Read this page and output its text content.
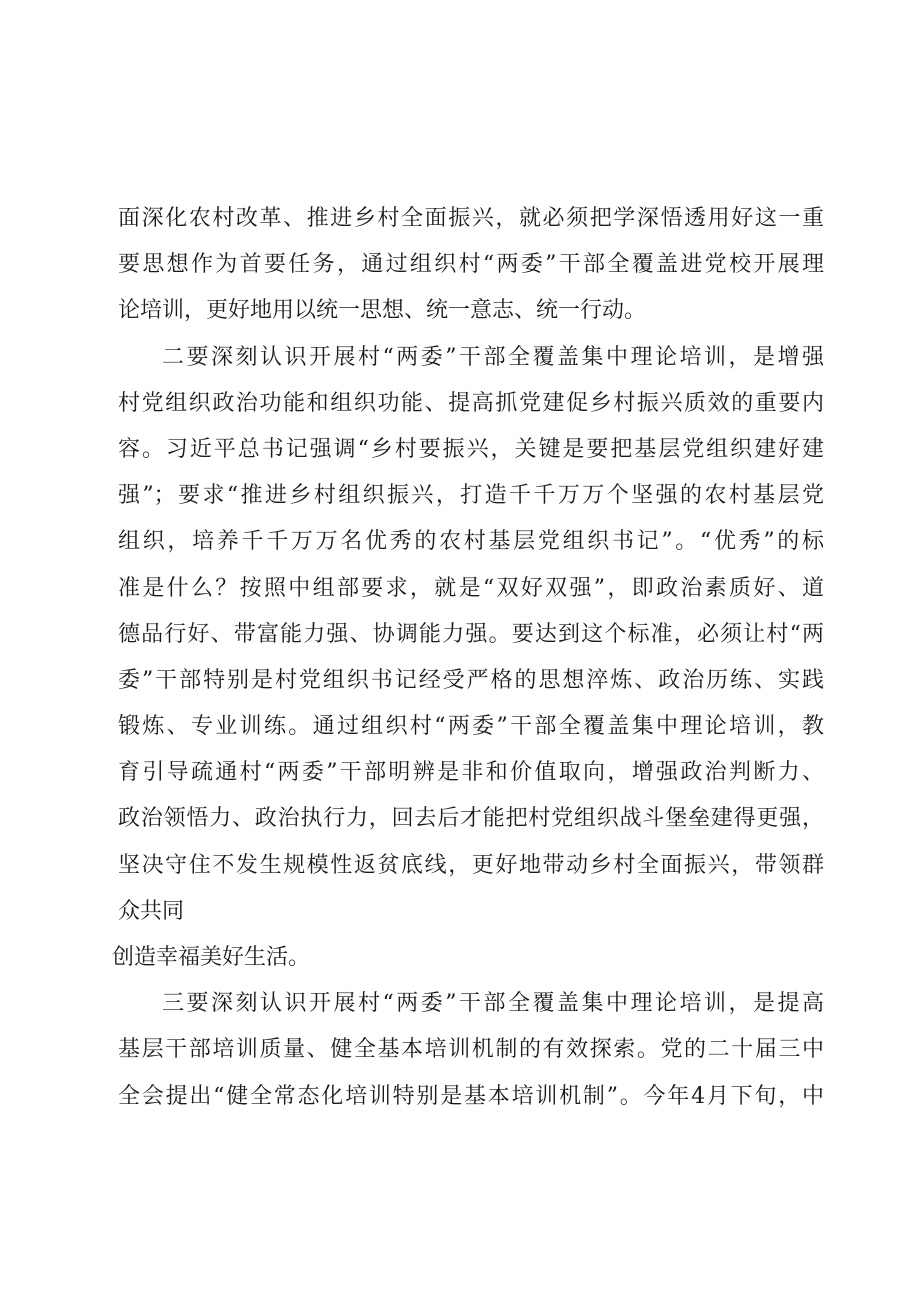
面深化农村改革、推进乡村全面振兴，就必须把学深悟透用好这一重
要思想作为首要任务，通过组织村“两委”干部全覆盖进党校开展理
论培训，更好地用以统一思想、统一意志、统一行动。
二要深刻认识开展村“两委”干部全覆盖集中理论培训，是增强
村党组织政治功能和组织功能、提高抓党建促乡村振兴质效的重要内
容。习近平总书记强调“乡村要振兴，关键是要把基层党组织建好建
强”；要求“推进乡村组织振兴，打造千千万万个坚强的农村基层党
组织，培养千千万万名优秀的农村基层党组织书记”。“优秀”的标
准是什么？按照中组部要求，就是“双好双强”，即政治素质好、道
德品行好、带富能力强、协调能力强。要达到这个标准，必须让村“两
委”干部特别是村党组织书记经受严格的思想淬炼、政治历练、实践
锻炼、专业训练。通过组织村“两委”干部全覆盖集中理论培训，教
育引导疏通村“两委”干部明辨是非和价值取向，增强政治判断力、
政治领悟力、政治执行力，回去后才能把村党组织战斗堡垒建得更强，
坚决守住不发生规模性返贫底线，更好地带动乡村全面振兴，带领群
众共同
创造幸福美好生活。
三要深刻认识开展村“两委”干部全覆盖集中理论培训，是提高
基层干部培训质量、健全基本培训机制的有效探索。党的二十届三中
全会提出“健全常态化培训特别是基本培训机制”。今年4月下旬，中
